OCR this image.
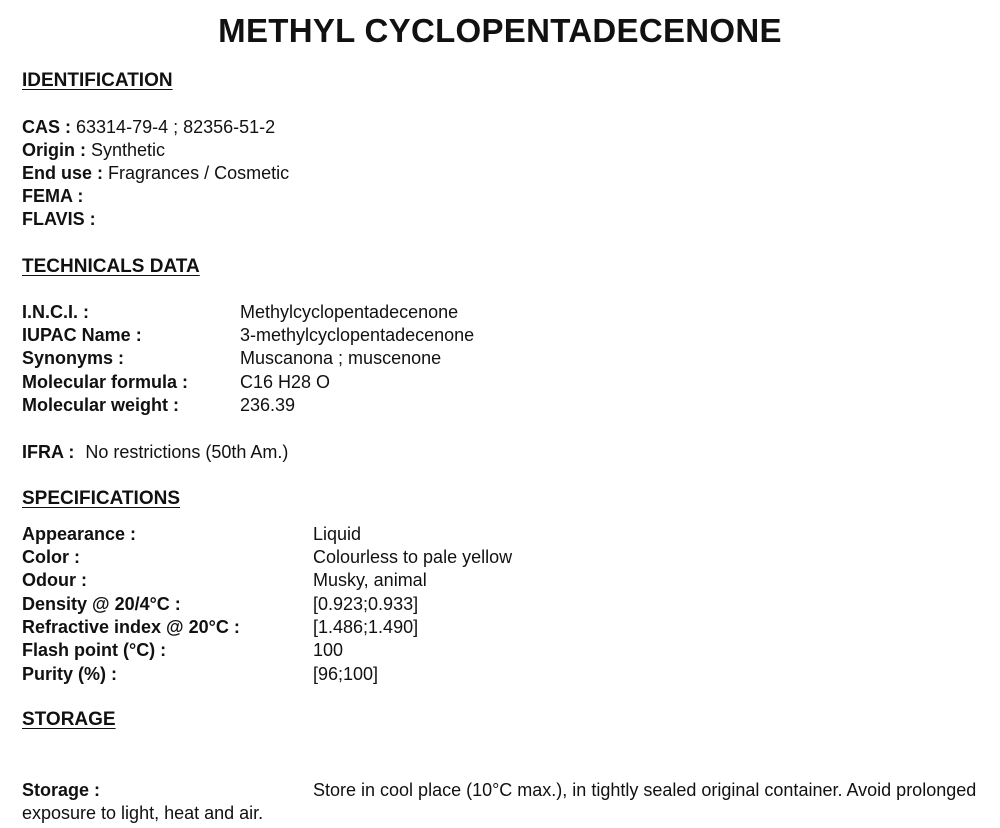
METHYL CYCLOPENTADECENONE
IDENTIFICATION
CAS : 63314-79-4 ; 82356-51-2
Origin : Synthetic
End use : Fragrances / Cosmetic
FEMA :
FLAVIS :
TECHNICALS DATA
I.N.C.I. :	Methylcyclopentadecenone
IUPAC Name :	3-methylcyclopentadecenone
Synonyms :	Muscanona ; muscenone
Molecular formula :	C16 H28 O
Molecular weight :	236.39
IFRA : No restrictions (50th Am.)
SPECIFICATIONS
Appearance :	Liquid
Color :	Colourless to pale yellow
Odour :	Musky, animal
Density @ 20/4°C :	[0.923;0.933]
Refractive index @ 20°C :	[1.486;1.490]
Flash point (°C) :	100
Purity (%) :	[96;100]
STORAGE
Storage :	Store in cool place (10°C max.), in tightly sealed original container. Avoid prolonged exposure to light, heat and air.
